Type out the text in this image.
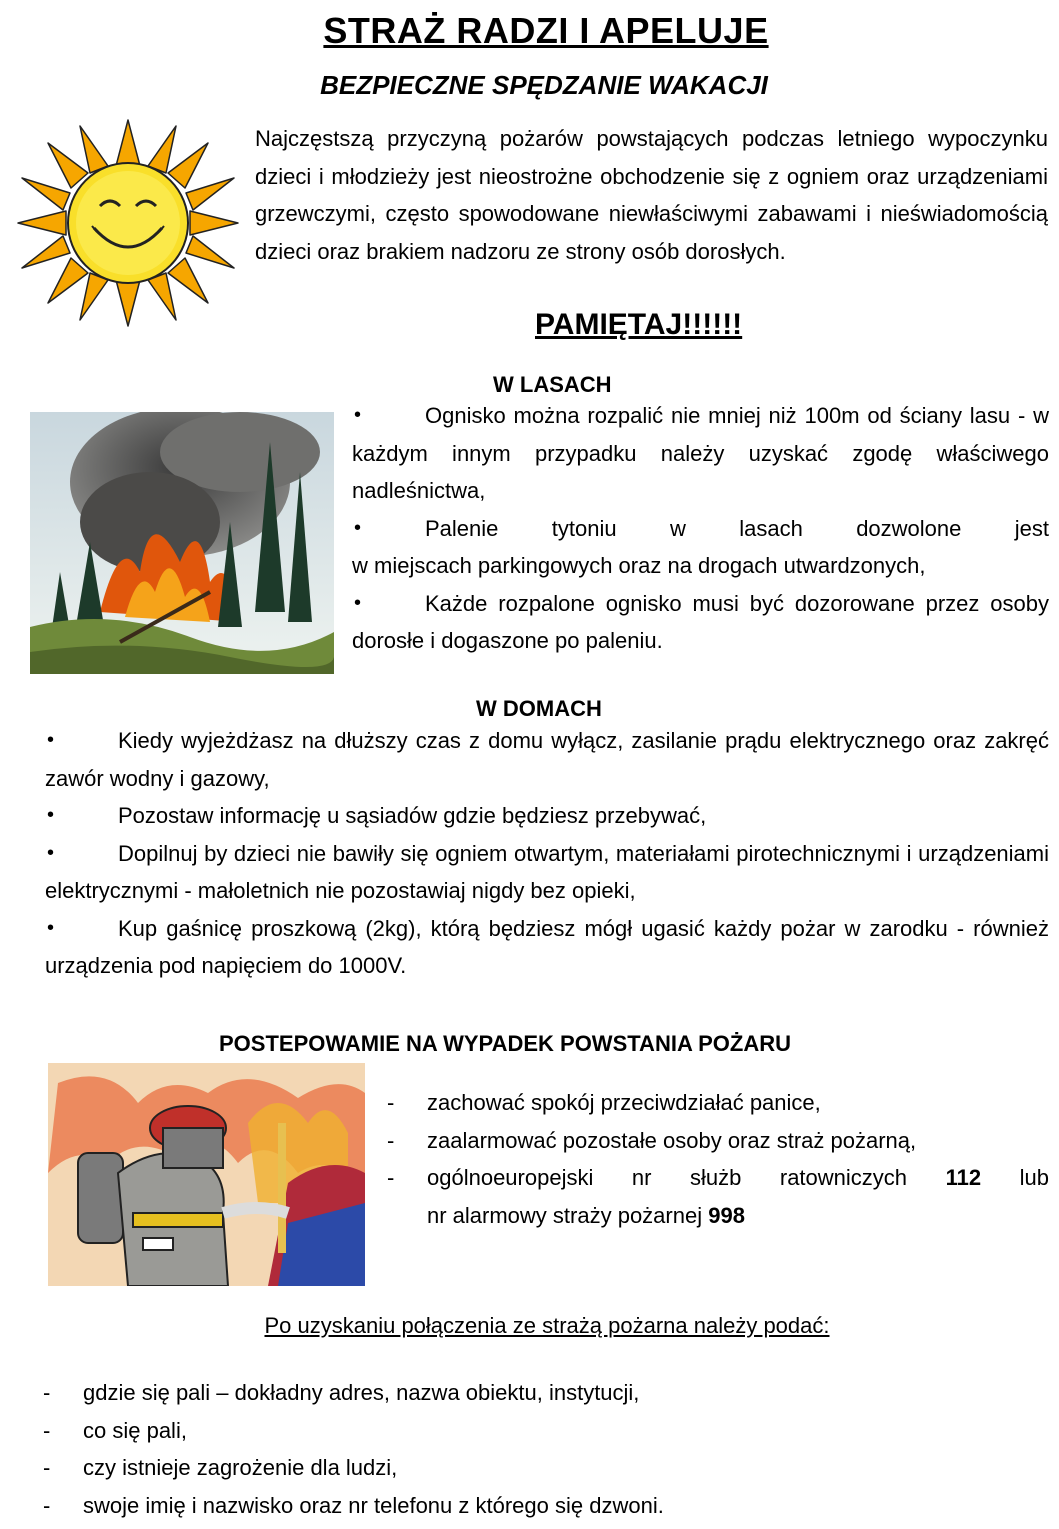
STRAŻ RADZI I APELUJE
BEZPIECZNE SPĘDZANIE WAKACJI
Najczęstszą przyczyną pożarów powstających podczas letniego wypoczynku dzieci i młodzieży jest nieostrożne obchodzenie się z ogniem oraz urządzeniami grzewczymi, często spowodowane niewłaściwymi zabawami i nieświadomością dzieci oraz brakiem nadzoru ze strony osób dorosłych.
PAMIĘTAJ!!!!!!
W LASACH
•	Ognisko można rozpalić nie mniej niż 100m od ściany lasu - w każdym innym przypadku należy uzyskać zgodę właściwego nadleśnictwa,
•	Palenie tytoniu w lasach dozwolone jest
w miejscach parkingowych oraz na drogach utwardzonych,
•	Każde rozpalone ognisko musi być dozorowane przez osoby dorosłe i dogaszone po paleniu.
W DOMACH
•	Kiedy wyjeżdżasz na dłuższy czas z domu wyłącz, zasilanie prądu elektrycznego oraz zakręć zawór wodny i gazowy,
•	Pozostaw informację u sąsiadów gdzie będziesz przebywać,
•	Dopilnuj by dzieci nie bawiły się ogniem otwartym, materiałami pirotechnicznymi i urządzeniami elektrycznymi - małoletnich nie pozostawiaj nigdy bez opieki,
•	Kup gaśnicę proszkową (2kg), którą będziesz mógł ugasić każdy pożar w zarodku - również urządzenia pod napięciem do 1000V.
POSTEPOWAMIE NA WYPADEK POWSTANIA POŻARU
- zachować spokój przeciwdziałać panice,
- zaalarmować pozostałe osoby oraz straż pożarną,
- ogólnoeuropejski nr służb ratowniczych 112 lub
nr alarmowy straży pożarnej 998
Po uzyskaniu połączenia ze strażą pożarna należy podać:
- gdzie się pali – dokładny adres, nazwa obiektu, instytucji,
- co się pali,
- czy istnieje zagrożenie dla ludzi,
- swoje imię i nazwisko oraz nr telefonu z którego się dzwoni.
